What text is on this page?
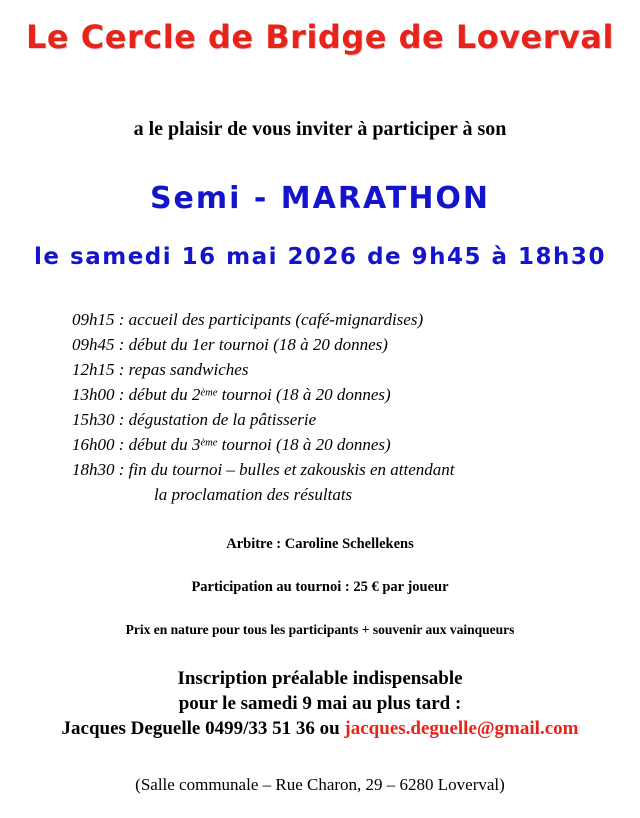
Le Cercle de Bridge de Loverval
a le plaisir de vous inviter à participer à son
Semi - MARATHON
le samedi 16 mai 2026 de 9h45 à 18h30
09h15 : accueil des participants (café-mignardises)
09h45 : début du 1er tournoi (18 à 20 donnes)
12h15 : repas sandwiches
13h00 : début du 2ème tournoi (18 à 20 donnes)
15h30 : dégustation de la pâtisserie
16h00 : début du 3ème tournoi (18 à 20 donnes)
18h30 : fin du tournoi – bulles et zakouskis en attendant
la proclamation des résultats
Arbitre : Caroline Schellekens
Participation au tournoi : 25 € par joueur
Prix en nature pour tous les participants + souvenir aux vainqueurs
Inscription préalable indispensable
pour le samedi 9 mai au plus tard :
Jacques Deguelle 0499/33 51 36 ou jacques.deguelle@gmail.com
(Salle communale – Rue Charon, 29 – 6280 Loverval)
